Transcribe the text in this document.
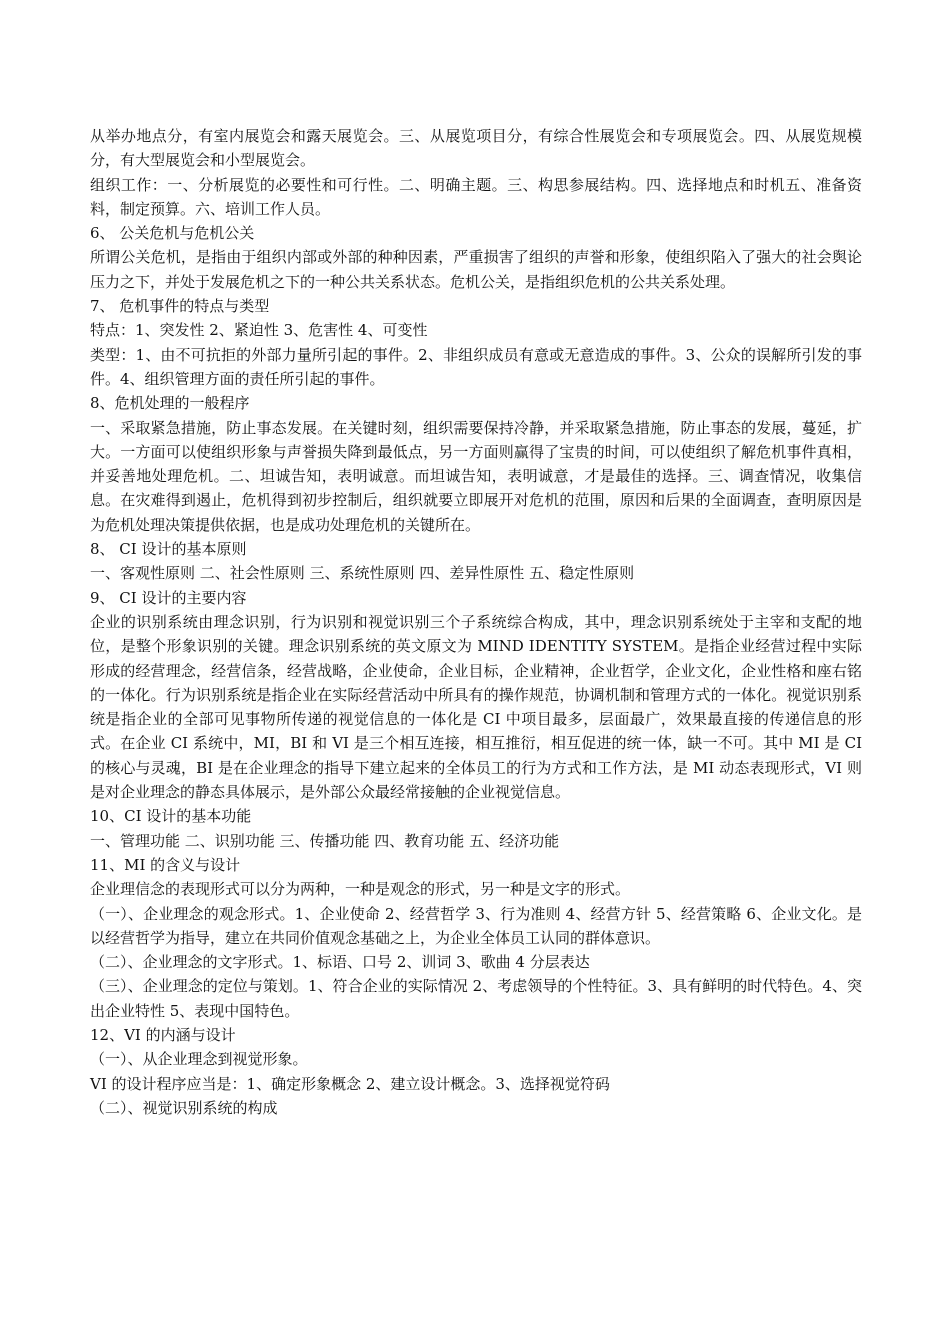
从举办地点分，有室内展览会和露天展览会。三、从展览项目分，有综合性展览会和专项展览会。四、从展览规模分，有大型展览会和小型展览会。

组织工作：一、分析展览的必要性和可行性。二、明确主题。三、构思参展结构。四、选择地点和时机五、准备资料，制定预算。六、培训工作人员。

6、 公关危机与危机公关

所谓公关危机，是指由于组织内部或外部的种种因素，严重损害了组织的声誉和形象，使组织陷入了强大的社会舆论压力之下，并处于发展危机之下的一种公共关系状态。危机公关，是指组织危机的公共关系处理。

7、 危机事件的特点与类型

特点：1、突发性 2、紧迫性 3、危害性 4、可变性

类型：1、由不可抗拒的外部力量所引起的事件。2、非组织成员有意或无意造成的事件。3、公众的误解所引发的事件。4、组织管理方面的责任所引起的事件。

8、危机处理的一般程序

一、采取紧急措施，防止事态发展。在关键时刻，组织需要保持冷静，并采取紧急措施，防止事态的发展，蔓延，扩大。一方面可以使组织形象与声誉损失降到最低点，另一方面则赢得了宝贵的时间，可以使组织了解危机事件真相，并妥善地处理危机。二、坦诚告知，表明诚意。而坦诚告知，表明诚意，才是最佳的选择。三、调查情况，收集信息。在灾难得到遏止，危机得到初步控制后，组织就要立即展开对危机的范围，原因和后果的全面调查，查明原因是为危机处理决策提供依据，也是成功处理危机的关键所在。

8、 CI 设计的基本原则

一、客观性原则 二、社会性原则 三、系统性原则 四、差异性原性 五、稳定性原则

9、 CI 设计的主要内容

企业的识别系统由理念识别，行为识别和视觉识别三个子系统综合构成，其中，理念识别系统处于主宰和支配的地位，是整个形象识别的关键。理念识别系统的英文原文为 MIND IDENTITY SYSTEM。是指企业经营过程中实际形成的经营理念，经营信条，经营战略，企业使命，企业目标，企业精神，企业哲学，企业文化，企业性格和座右铭的一体化。行为识别系统是指企业在实际经营活动中所具有的操作规范，协调机制和管理方式的一体化。视觉识别系统是指企业的全部可见事物所传递的视觉信息的一体化是 CI 中项目最多，层面最广，效果最直接的传递信息的形式。在企业 CI 系统中，MI，BI 和 VI 是三个相互连接，相互推衍，相互促进的统一体，缺一不可。其中 MI 是 CI 的核心与灵魂，BI 是在企业理念的指导下建立起来的全体员工的行为方式和工作方法，是 MI 动态表现形式，VI 则是对企业理念的静态具体展示，是外部公众最经常接触的企业视觉信息。

10、CI 设计的基本功能

一、管理功能 二、识别功能 三、传播功能 四、教育功能 五、经济功能

11、MI 的含义与设计

企业理信念的表现形式可以分为两种，一种是观念的形式，另一种是文字的形式。

（一）、企业理念的观念形式。1、企业使命 2、经营哲学 3、行为准则 4、经营方针 5、经营策略 6、企业文化。是以经营哲学为指导，建立在共同价值观念基础之上，为企业全体员工认同的群体意识。

（二）、企业理念的文字形式。1、标语、口号 2、训词 3、歌曲 4 分层表达

（三）、企业理念的定位与策划。1、符合企业的实际情况 2、考虑领导的个性特征。3、具有鲜明的时代特色。4、突出企业特性 5、表现中国特色。

12、VI 的内涵与设计

（一）、从企业理念到视觉形象。

VI 的设计程序应当是：1、确定形象概念 2、建立设计概念。3、选择视觉符码

（二）、视觉识别系统的构成
